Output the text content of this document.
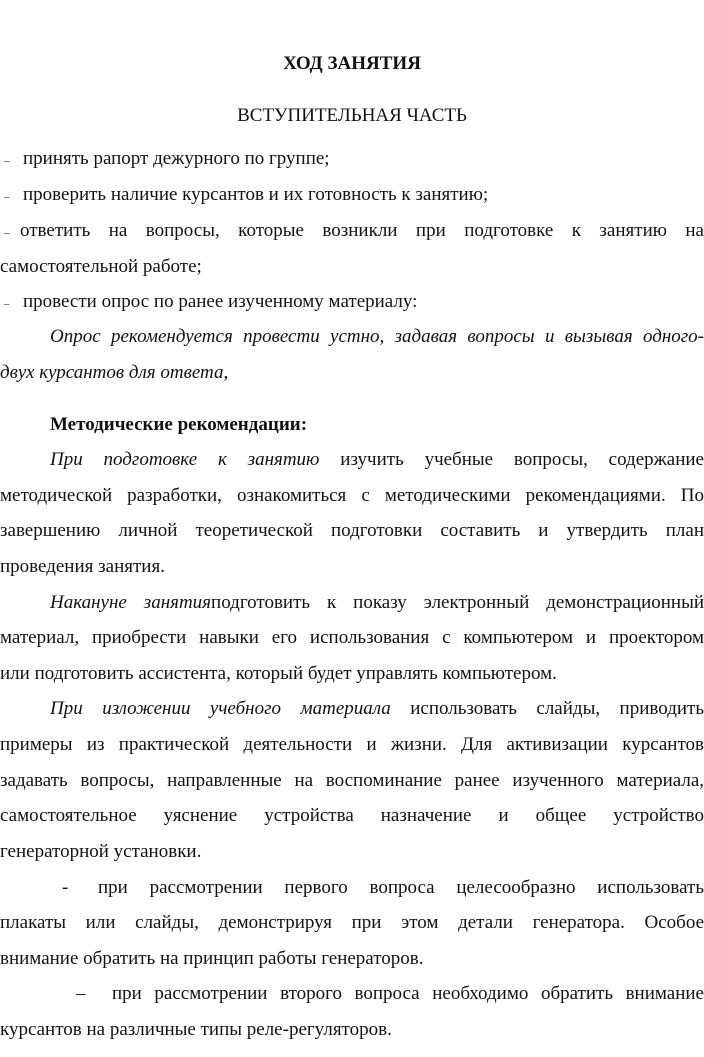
ХОД ЗАНЯТИЯ
ВСТУПИТЕЛЬНАЯ ЧАСТЬ
– принять рапорт дежурного по группе;
– проверить наличие курсантов и их готовность к занятию;
– ответить на вопросы, которые возникли при подготовке к занятию на
самостоятельной работе;
– провести опрос по ранее изученному материалу:
Опрос рекомендуется провести устно, задавая вопросы и вызывая одного-
двух курсантов для ответа,
Методические рекомендации:
При подготовке к занятию изучить учебные вопросы, содержание
методической разработки, ознакомиться с методическими рекомендациями. По
завершению личной теоретической подготовки составить и утвердить план
проведения занятия.
Накануне занятияподготовить к показу электронный демонстрационный
материал, приобрести навыки его использования с компьютером и проектором
или подготовить ассистента, который будет управлять компьютером.
При изложении учебного материала использовать слайды, приводить
примеры из практической деятельности и жизни. Для активизации курсантов
задавать вопросы, направленные на воспоминание ранее изученного материала,
самостоятельное уяснение устройства назначение и общее устройство
генераторной установки.
- при рассмотрении первого вопроса целесообразно использовать
плакаты или слайды, демонстрируя при этом детали генератора. Особое
внимание обратить на принцип работы генераторов.
– при рассмотрении второго вопроса необходимо обратить внимание
курсантов на различные типы реле-регуляторов.
